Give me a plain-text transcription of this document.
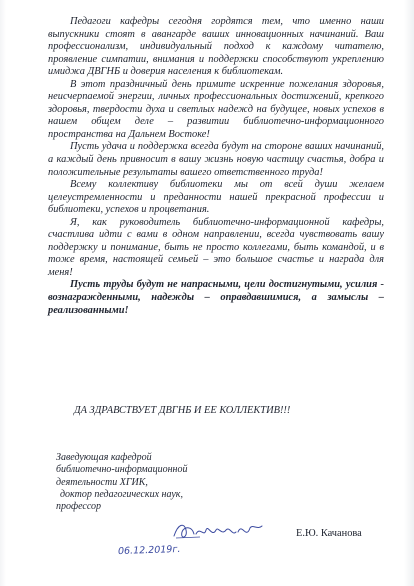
Педагоги кафедры сегодня гордятся тем, что именно наши выпускники стоят в авангарде ваших инновационных начинаний. Ваш профессионализм, индивидуальный подход к каждому читателю, проявление симпатии, внимания и поддержки способствуют укреплению имиджа ДВГНБ и доверия населения к библиотекам.

В этот праздничный день примите искренние пожелания здоровья, неисчерпаемой энергии, личных профессиональных достижений, крепкого здоровья, твердости духа и светлых надежд на будущее, новых успехов в нашем общем деле – развитии библиотечно-информационного пространства на Дальнем Востоке!

Пусть удача и поддержка всегда будут на стороне ваших начинаний, а каждый день привносит в вашу жизнь новую частицу счастья, добра и положительные результаты вашего ответственного труда!

Всему коллективу библиотеки мы от всей души желаем целеустремленности и преданности нашей прекрасной профессии и библиотеки, успехов и процветания.

Я, как руководитель библиотечно-информационной кафедры, счастлива идти с вами в одном направлении, всегда чувствовать вашу поддержку и понимание, быть не просто коллегами, быть командой, и в тоже время, настоящей семьей – это большое счастье и награда для меня!

Пусть труды будут не напрасными, цели достигнутыми, усилия - вознагражденными, надежды – оправдавшимися, а замыслы – реализованными!

ДА ЗДРАВСТВУЕТ ДВГНБ И ЕЕ КОЛЛЕКТИВ!!!
Заведующая кафедрой
библиотечно-информационной
деятельности ХГИК,
доктор педагогических наук,
профессор
Е.Ю. Качанова
06.12.2019г.
